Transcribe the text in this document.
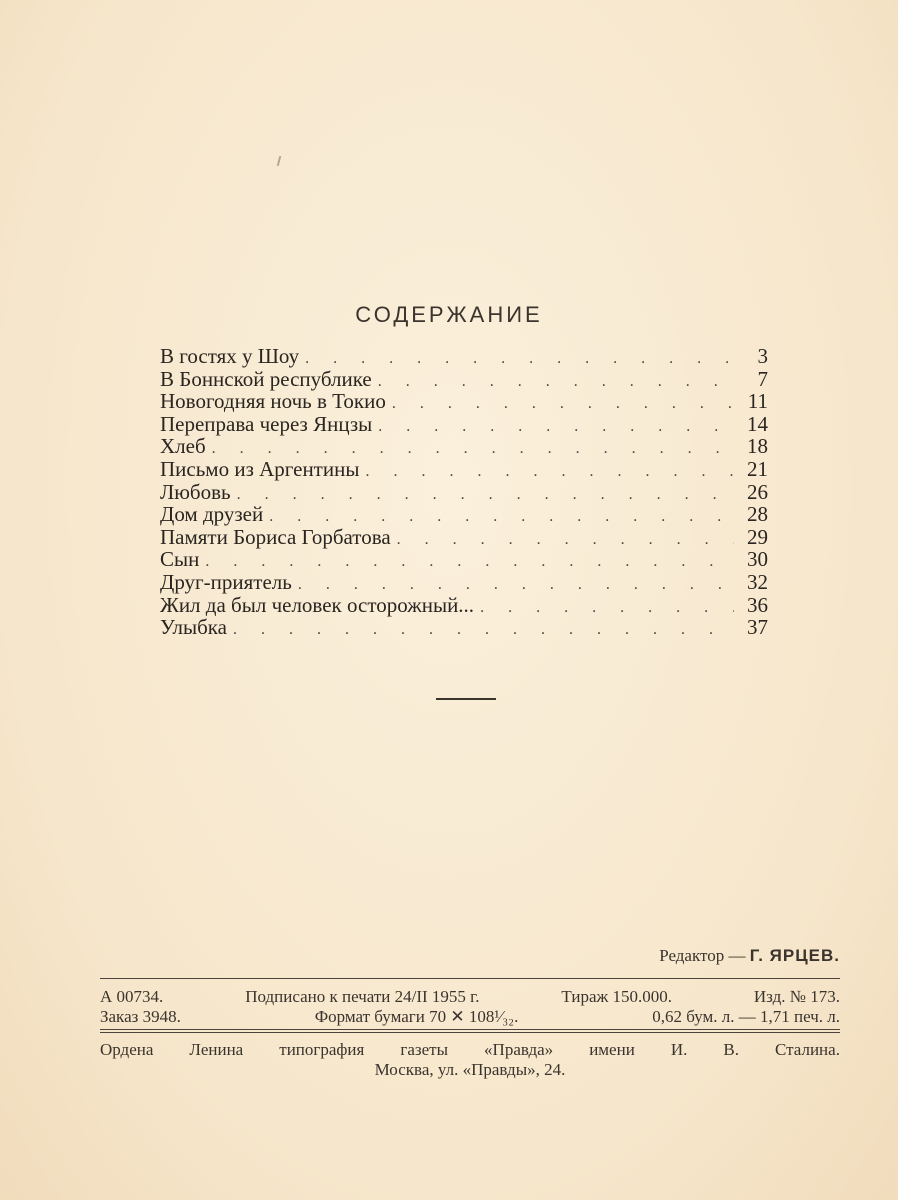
СОДЕРЖАНИЕ
В гостях у Шоу . . .	3
В Боннской республике . . .	7
Новогодняя ночь в Токио . . .	11
Переправа через Янцзы . . .	14
Хлеб . . .	18
Письмо из Аргентины . . .	21
Любовь . . .	26
Дом друзей . . .	28
Памяти Бориса Горбатова . . .	29
Сын . . .	30
Друг-приятель . . .	32
Жил да был человек осторожный... . . .	36
Улыбка . . .	37
Редактор — Г. ЯРЦЕВ.
А 00734.	Подписано к печати 24/II 1955 г.	Тираж 150.000.	Изд. № 173.
Заказ 3948.	Формат бумаги 70 ✕ 108¹⁄₃₂.	0,62 бум. л. — 1,71 печ. л.
Ордена Ленина типография газеты «Правда» имени И. В. Сталина.
Москва, ул. «Правды», 24.
